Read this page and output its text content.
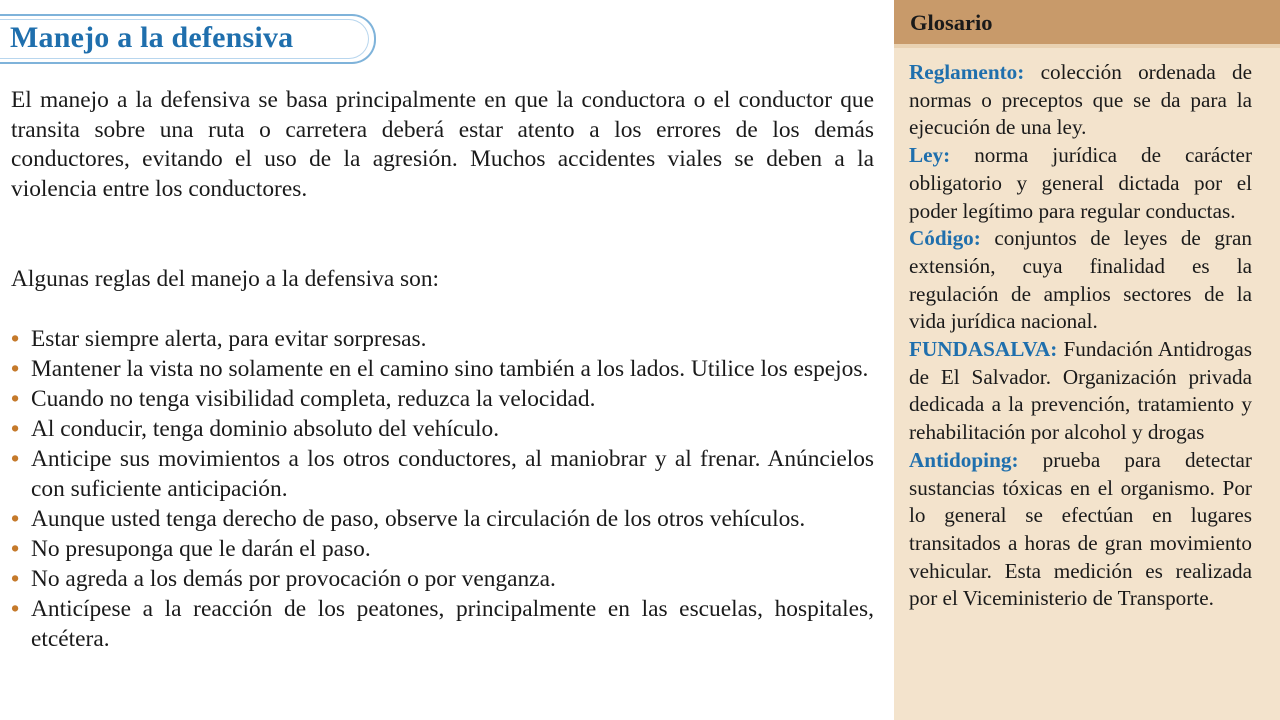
Manejo a la defensiva

El manejo a la defensiva se basa principalmente en que la conductora o el conductor que transita sobre una ruta o carretera deberá estar atento a los errores de los demás conductores, evitando el uso de la agresión. Muchos accidentes viales se deben a la violencia entre los conductores.

Algunas reglas del manejo a la defensiva son:

• Estar siempre alerta, para evitar sorpresas.
• Mantener la vista no solamente en el camino sino también a los lados. Utilice los espejos.
• Cuando no tenga visibilidad completa, reduzca la velocidad.
• Al conducir, tenga dominio absoluto del vehículo.
• Anticipe sus movimientos a los otros conductores, al maniobrar y al frenar. Anúncielos con suficiente anticipación.
• Aunque usted tenga derecho de paso, observe la circulación de los otros vehículos.
• No presuponga que le darán el paso.
• No agreda a los demás por provocación o por venganza.
• Anticípese a la reacción de los peatones, principalmente en las escuelas, hospitales, etcétera.
Glosario
Reglamento: colección ordenada de normas o preceptos que se da para la ejecución de una ley.
Ley: norma jurídica de carácter obligatorio y general dictada por el poder legítimo para regular conductas.
Código: conjuntos de leyes de gran extensión, cuya finalidad es la regulación de amplios sectores de la vida jurídica nacional.
FUNDASALVA: Fundación Antidrogas de El Salvador. Organización privada dedicada a la prevención, tratamiento y rehabilitación por alcohol y drogas
Antidoping: prueba para detectar sustancias tóxicas en el organismo. Por lo general se efectúan en lugares transitados a horas de gran movimiento vehicular. Esta medición es realizada por el Viceministerio de Transporte.
